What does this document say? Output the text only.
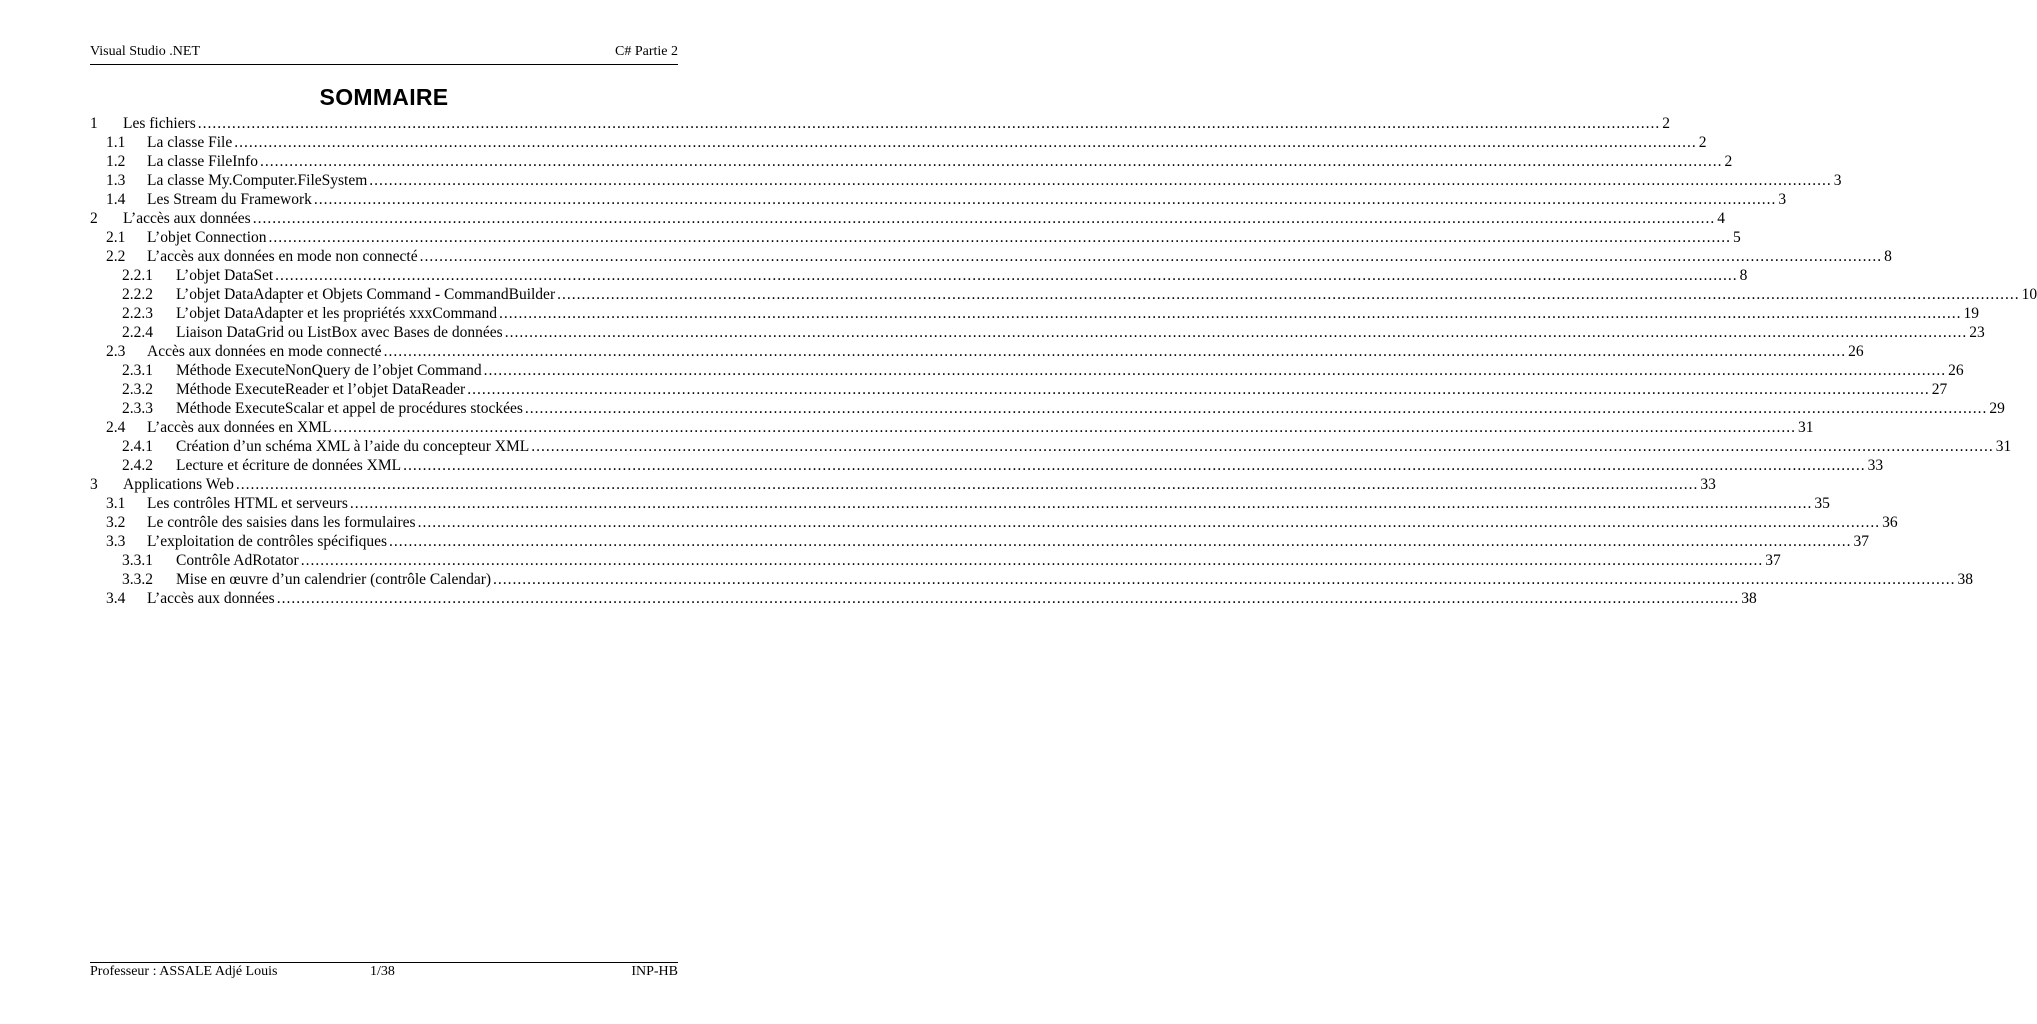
Visual Studio .NET	C# Partie 2
SOMMAIRE
1	Les fichiers ............................................................................................................................................................................................................................................................................................................ 2
1.1	La classe File ............................................................................................................................................................................................................................................................................................................ 2
1.2	La classe FileInfo ............................................................................................................................................................................................................................................................................................................ 2
1.3	La classe My.Computer.FileSystem ............................................................................................................................................................................................................................................................................................................ 3
1.4	Les Stream du Framework ............................................................................................................................................................................................................................................................................................................ 3
2	L’accès aux données ............................................................................................................................................................................................................................................................................................................ 4
2.1	L’objet Connection ............................................................................................................................................................................................................................................................................................................ 5
2.2	L’accès aux données en mode non connecté ............................................................................................................................................................................................................................................................................................................ 8
2.2.1	L’objet DataSet ............................................................................................................................................................................................................................................................................................................ 8
2.2.2	L’objet DataAdapter et Objets Command - CommandBuilder ............................................................................................................................................................................................................................................................................................................ 10
2.2.3	L’objet DataAdapter et les propriétés xxxCommand ............................................................................................................................................................................................................................................................................................................ 19
2.2.4	Liaison DataGrid ou ListBox avec Bases de données ............................................................................................................................................................................................................................................................................................................ 23
2.3	Accès aux données en mode connecté ............................................................................................................................................................................................................................................................................................................ 26
2.3.1	Méthode ExecuteNonQuery de l’objet Command ............................................................................................................................................................................................................................................................................................................ 26
2.3.2	Méthode ExecuteReader et l’objet DataReader ............................................................................................................................................................................................................................................................................................................ 27
2.3.3	Méthode ExecuteScalar et appel de procédures stockées ............................................................................................................................................................................................................................................................................................................ 29
2.4	L’accès aux données en XML ............................................................................................................................................................................................................................................................................................................ 31
2.4.1	Création d’un schéma XML à l’aide du concepteur XML ............................................................................................................................................................................................................................................................................................................ 31
2.4.2	Lecture et écriture de données XML ............................................................................................................................................................................................................................................................................................................ 33
3	Applications Web ............................................................................................................................................................................................................................................................................................................ 33
3.1	Les contrôles HTML et serveurs ............................................................................................................................................................................................................................................................................................................ 35
3.2	Le contrôle des saisies dans les formulaires ............................................................................................................................................................................................................................................................................................................ 36
3.3	L’exploitation de contrôles spécifiques ............................................................................................................................................................................................................................................................................................................ 37
3.3.1	Contrôle AdRotator ............................................................................................................................................................................................................................................................................................................ 37
3.3.2	Mise en œuvre d’un calendrier (contrôle Calendar) ............................................................................................................................................................................................................................................................................................................ 38
3.4	L’accès aux données ............................................................................................................................................................................................................................................................................................................ 38
Professeur : ASSALE Adjé Louis	1/38	INP-HB
